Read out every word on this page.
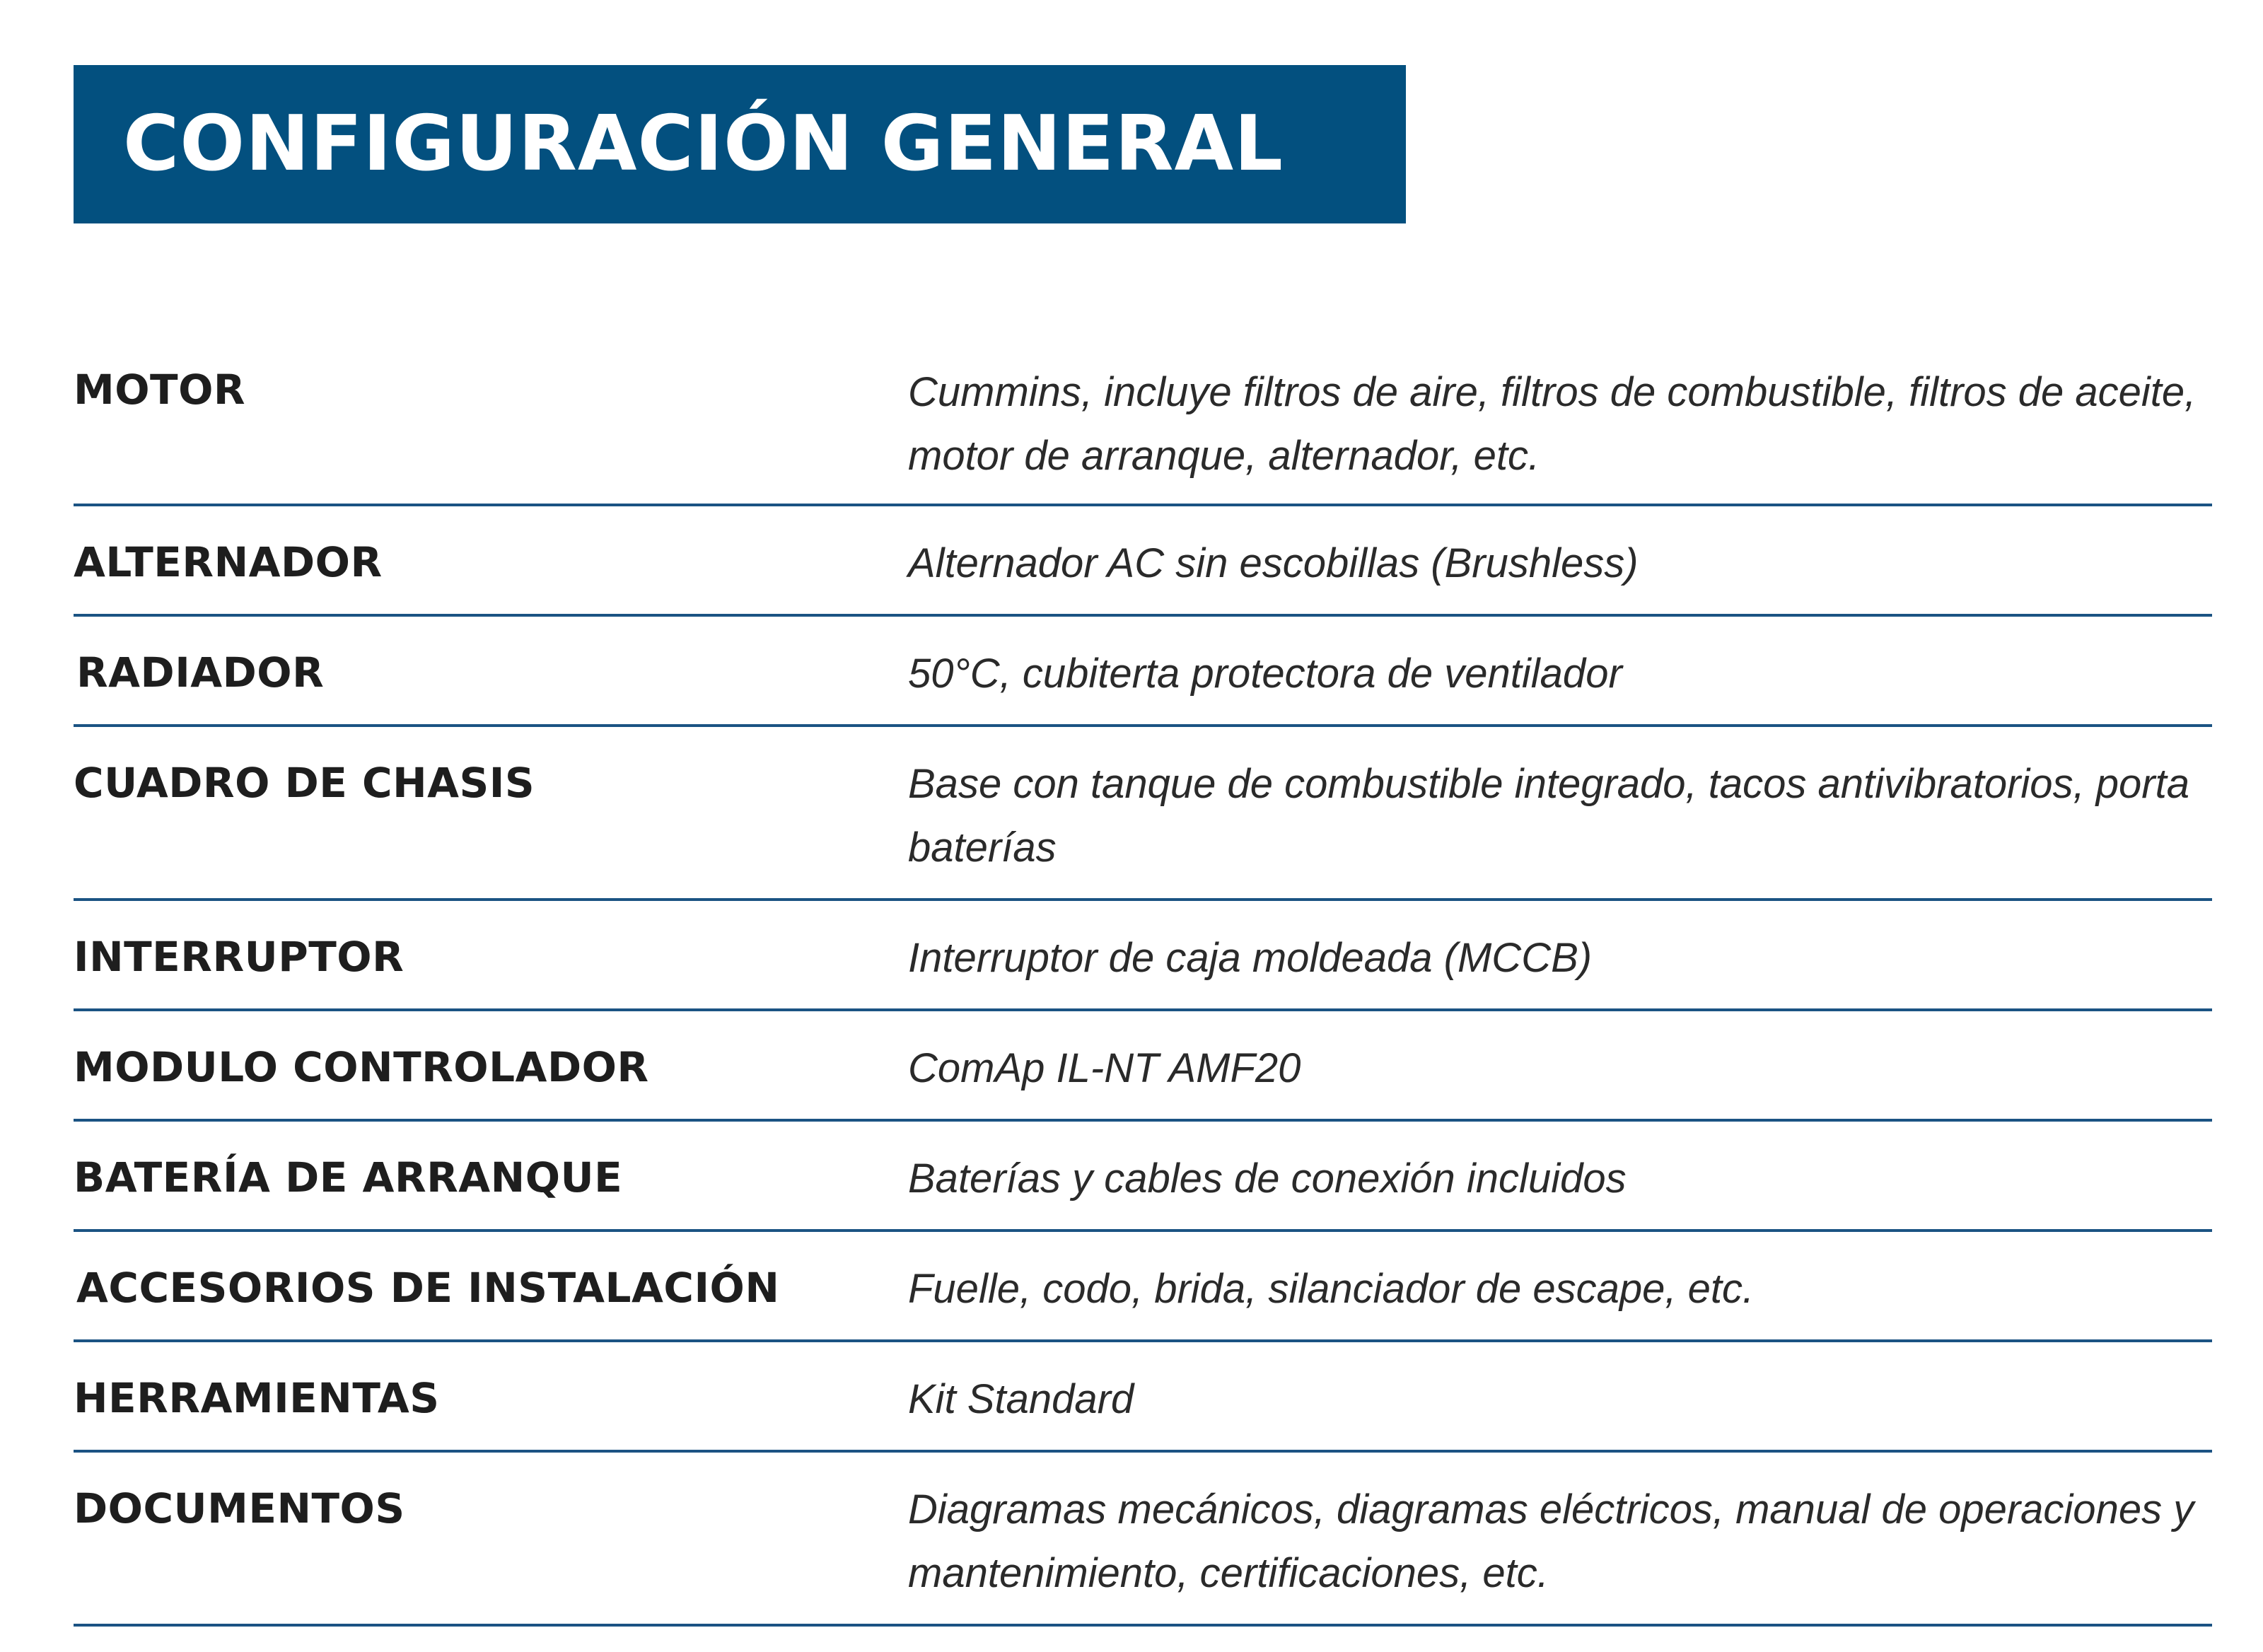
CONFIGURACIÓN GENERAL
MOTOR	Cummins, incluye filtros de aire, filtros de combustible, filtros de aceite, motor de arranque, alternador, etc.
ALTERNADOR	Alternador AC sin escobillas (Brushless)
RADIADOR	50°C, cubiterta protectora de ventilador
CUADRO DE CHASIS	Base con tanque de combustible integrado, tacos antivibratorios, porta baterías
INTERRUPTOR	Interruptor de caja moldeada (MCCB)
MODULO CONTROLADOR	ComAp IL-NT AMF20
BATERÍA DE ARRANQUE	Baterías y cables de conexión incluidos
ACCESORIOS DE INSTALACIÓN	Fuelle, codo, brida, silanciador de escape, etc.
HERRAMIENTAS	Kit Standard
DOCUMENTOS	Diagramas mecánicos, diagramas eléctricos, manual de operaciones y mantenimiento, certificaciones, etc.
